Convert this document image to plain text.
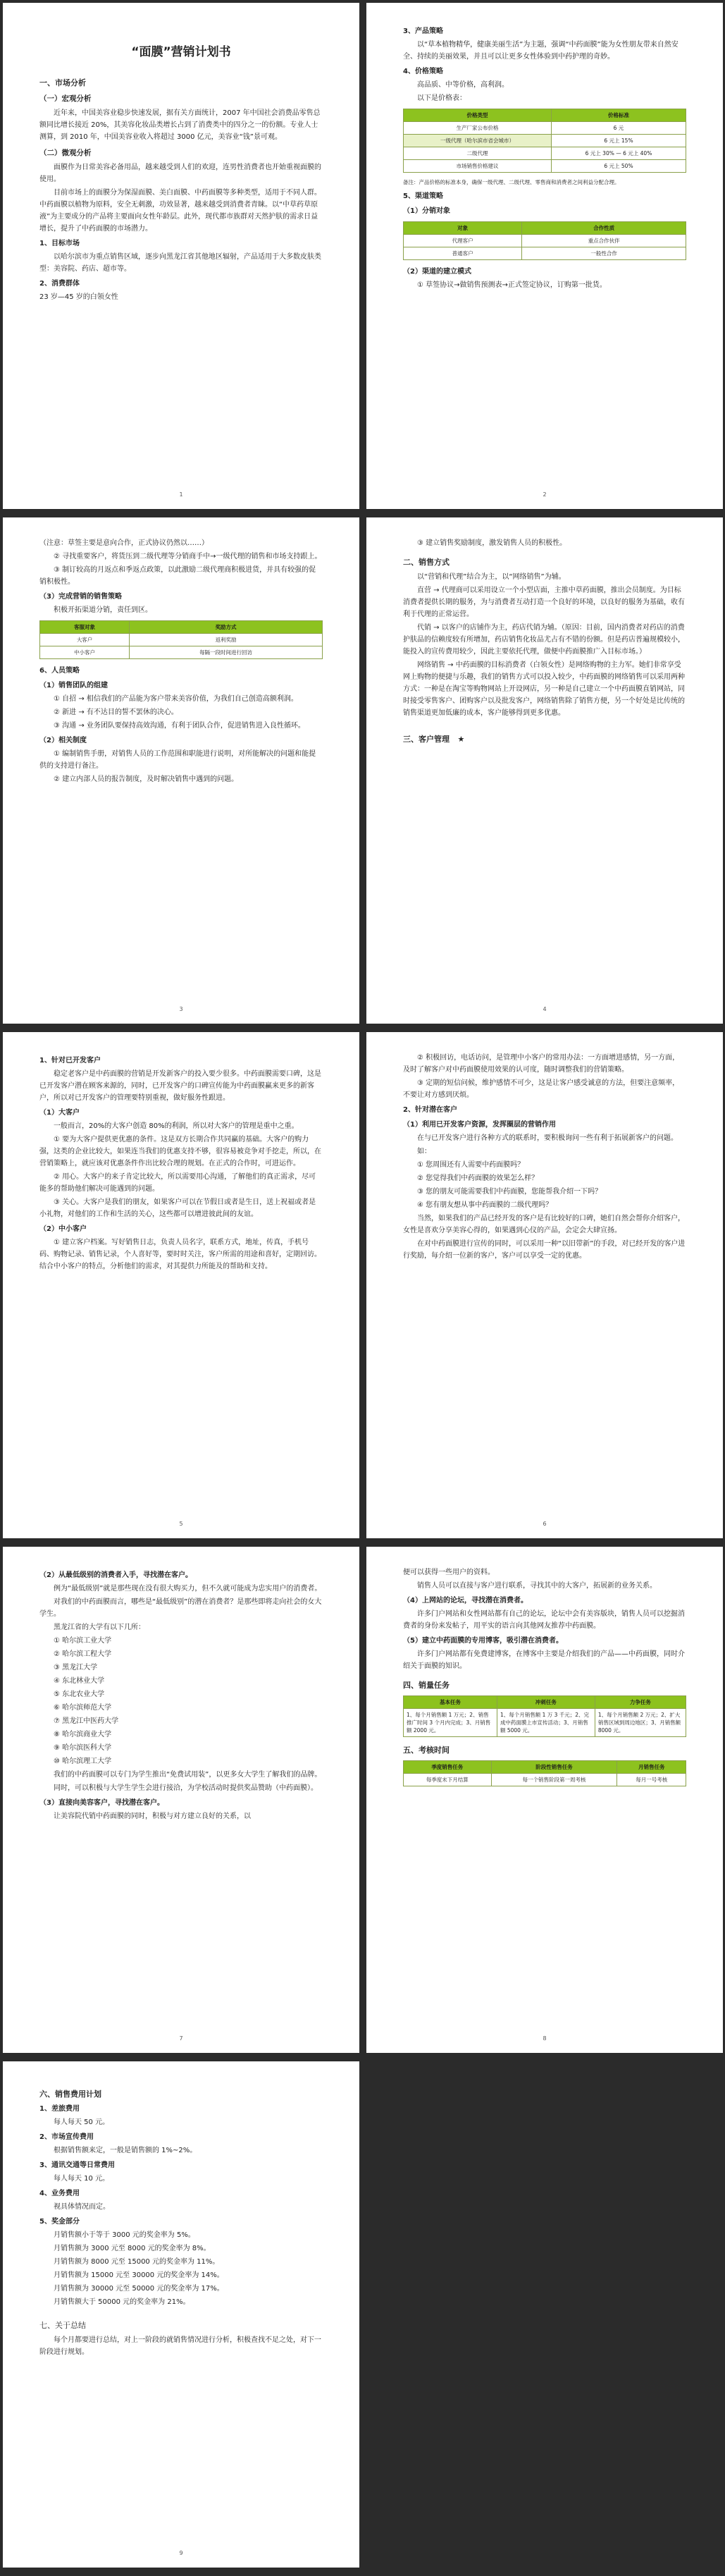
“面膜”营销计划书
一、市场分析
（一）宏观分析

近年来，中国美容业稳步快速发展，据有关方面统计，2007 年中国社会消费品零售总额同比增长接近 20%，其美容化妆品类增长占到了消费类中的四分之一的份额。专业人士测算，到 2010 年，中国美容业收入将超过 3000 亿元，美容业“钱”景可观。

（二）微观分析

面膜作为日常美容必备用品，越来越受到人们的欢迎，连男性消费者也开始重视面膜的使用。

目前市场上的面膜分为保湿面膜、美白面膜、中药面膜等多种类型，适用于不同人群。中药面膜以植物为原料，安全无刺激，功效显著，越来越受到消费者青睐。以“中草药草原液”为主要成分的产品将主要面向女性年龄层。此外，现代都市族群对天然护肤的需求日益增长，提升了中药面膜的市场潜力。

1、目标市场

以哈尔滨市为重点销售区域，逐步向黑龙江省其他地区辐射，产品适用于大多数皮肤类型：美容院、药店、超市等。

2、消费群体

23 岁—45 岁的白领女性

1
3、产品策略

以“草本植物精华，健康美丽生活”为主题，强调“中药面膜”能为女性朋友带来自然安全、持续的美丽效果，并且可以让更多女性体验到中药护理的奇妙。

4、价格策略

高品质、中等价格，高利润。

以下是价格表：

价格类型	价格标准
生产厂家公布价格	6 元
一级代理（哈尔滨市省会城市）	6 元上 15%
二级代理	6 元上 30% — 6 元上 40%
市场销售价格建议	6 元上 50%
备注：产品价格的标准本身，确保一级代理、二级代理、零售商和消费者之间利益分配合理。
5、渠道策略
（1）分销对象
对象	合作性质
代理客户	重点合作伙伴
普通客户	一般性合作
（2）渠道的建立模式

① 草签协议→做销售预测表→正式签定协议，订购第一批货。

2

（注意：草签主要是意向合作，正式协议仍然以……）

② 寻找重要客户，将货压到二级代理等分销商手中→一级代理的销售和市场支持跟上。

③ 制订较高的月返点和季返点政策，以此激励二级代理商积极进货，并具有较强的促销积极性。

（3）完成营销的销售策略

积极开拓渠道分销，责任到区。

客服对象	奖励方式
大客户	返利奖励
中小客户	每隔一段时间进行回访
6、人员策略
（1）销售团队的组建

① 自招 → 相信我们的产品能为客户带来美容价值，为我们自己创造高额利润。

② 新进 → 有不达目的誓不罢休的决心。

③ 沟通 → 业务团队要保持高效沟通，有利于团队合作，促进销售进入良性循环。

（2）相关制度

① 编制销售手册，对销售人员的工作范围和职能进行说明，对所能解决的问题和能提供的支持进行备注。

② 建立内部人员的报告制度，及时解决销售中遇到的问题。

3

③ 建立销售奖励制度，激发销售人员的积极性。

二、销售方式

以“营销和代理”结合为主，以“网络销售”为辅。

直营 → 代理商可以采用设立一个小型店面，主推中草药面膜，推出会员制度。为目标消费者提供长期的服务，为与消费者互动打造一个良好的环境，以良好的服务为基础，收有利于代理的正常运营。

代销 → 以客户的店铺作为主，药店代销为辅。（原因：目前，国内消费者对药店的消费护肤品的信赖度较有所增加，药店销售化妆品尤占有不错的份额。但是药店普遍规模较小，能投入的宣传费用较少，因此主要依托代理，做便中药面膜推广入目标市场。）

网络销售 → 中药面膜的目标消费者（白领女性）是网络购物的主力军。她们非常享受网上购物的便捷与乐趣，我们的销售方式可以投入较少，中药面膜的网络销售可以采用两种方式：一种是在淘宝等购物网站上开设网店，另一种是自己建立一个中药面膜直销网站，同时接受零售客户、团购客户以及批发客户，网络销售除了销售方便，另一个好处是比传统的销售渠道更加低廉的成本，客户能够得到更多优惠。

三、客户管理 ★
4
1、针对已开发客户

稳定老客户是中药面膜的营销是开发新客户的投入要少很多。中药面膜需要口碑，这是已开发客户潜在顾客来源的，同时，已开发客户的口碑宣传能为中药面膜赢来更多的新客户，所以对已开发客户的管理要特别重视，做好服务性跟进。

（1）大客户

一般而言，20%的大客户创造 80%的利润，所以对大客户的管理是重中之重。

① 要为大客户提供更优惠的条件。这是双方长期合作共同赢的基础。大客户的购力强，这类的企业比较大，如果连当我们的优惠支持不够，很容易被竞争对手挖走，所以，在营销策略上，就应该对优惠条件作出比较合理的规划。在正式的合作时，可进运作。

② 用心。大客户的来子肯定比较大，所以需要用心沟通，了解他们的真正需求，尽可能多的帮助他们解决可能遇到的问题。

③ 关心。大客户是我们的朋友，如果客户可以在节假日或者是生日，送上祝福或者是小礼物，对他们的工作和生活的关心，这些都可以增进彼此间的友谊。

（2）中小客户

① 建立客户档案。写好销售日志，负责人员名字，联系方式，地址，传真，手机号码、购物记录、销售记录，个人喜好等，要时时关注，客户所需的用途和喜好，定期回访。结合中小客户的特点，分析他们的需求，对其提供力所能及的帮助和支持。

5

② 积极回访，电话访问，是管理中小客户的常用办法：一方面增进感情，另一方面，及时了解客户对中药面膜使用效果的认可度，随时调整我们的营销策略。

③ 定期的短信问候，维护感情不可少，这是让客户感受诚意的方法，但要注意频率，不要让对方感到厌烦。

2、针对潜在客户
（1）利用已开发客户资源，发挥圈层的营销作用

在与已开发客户进行各种方式的联系时，要积极询问一些有利于拓展新客户的问题。

如：

① 您周围还有人需要中药面膜吗？

② 您觉得我们中药面膜的效果怎么样？

③ 您的朋友可能需要我们中药面膜，您能帮我介绍一下吗？

④ 您有朋友想从事中药面膜的二级代理吗？

当然，如果我们的产品已经开发的客户是有比较好的口碑，她们自然会帮你介绍客户，女性是喜欢分享美容心得的，如果遇到心仪的产品，会定会大肆宣扬。

在对中药面膜进行宣传的同时，可以采用一种“以旧带新”的手段，对已经开发的客户进行奖励，每介绍一位新的客户，客户可以享受一定的优惠。

6
（2）从最低级别的消费者入手，寻找潜在客户。

例为“最低级别”就是那些现在没有很大购买力，但不久就可能成为忠实用户的消费者。

对我们的中药面膜而言，哪些是“最低级别”的潜在消费者？是那些即将走向社会的女大学生。

黑龙江省的大学有以下几所：

① 哈尔滨工业大学

② 哈尔滨工程大学

③ 黑龙江大学

④ 东北林业大学

⑤ 东北农业大学

⑥ 哈尔滨师范大学

⑦ 黑龙江中医药大学

⑧ 哈尔滨商业大学

⑨ 哈尔滨医科大学

⑩ 哈尔滨理工大学

我们的中药面膜可以专门为学生推出“免费试用装”，以更多女大学生了解我们的品牌。

同时，可以积极与大学生学生会进行接洽，为学校活动时提供奖品赞助（中药面膜）。

（3）直接向美容客户，寻找潜在客户。

让美容院代销中药面膜的同时，积极与对方建立良好的关系，以

7

便可以获得一些用户的资料。

销售人员可以直接与客户进行联系，寻找其中的大客户，拓展新的业务关系。

（4）上网站的论坛，寻找潜在消费者。

许多门户网站和女性网站都有自己的论坛，论坛中会有美容版块，销售人员可以挖掘消费者的身份来发帖子，用平实的语言向其他网友推荐中药面膜。

（5）建立中药面膜的专用博客，吸引潜在消费者。

许多门户网站都有免费建博客，在博客中主要是介绍我们的产品——中药面膜，同时介绍关于面膜的知识。

四、销量任务
基本任务	冲刺任务	力争任务
1、每个月销售额 1 万元；2、销售推广时间 3 个月内完成；3、月销售额 2000 元。	1、每个月销售额 1 万 3 千元；2、完成中药面膜上市宣传活动；3、月销售额 5000 元。	1、每个月销售额 2 万元；2、扩大销售区域到周边地区；3、月销售额 8000 元。
五、考核时间
季度销售任务	阶段性销售任务	月销售任务
每季度末下月结算	每一个销售阶段第一周考核	每月一号考核
8
六、销售费用计划
1、差旅费用

每人每天 50 元。

2、市场宣传费用

根据销售额来定，一般是销售额的 1%~2%。

3、通讯交通等日常费用

每人每天 10 元。

4、业务费用

视具体情况而定。

5、奖金部分

月销售额小于等于 3000 元的奖金率为 5%。

月销售额为 3000 元至 8000 元的奖金率为 8%。

月销售额为 8000 元至 15000 元的奖金率为 11%。

月销售额为 15000 元至 30000 元的奖金率为 14%。

月销售额为 30000 元至 50000 元的奖金率为 17%。

月销售额大于 50000 元的奖金率为 21%。

七、关于总结

每个月都要进行总结，对上一阶段的就销售情况进行分析，积极查找不足之处，对下一阶段进行规划。

9
